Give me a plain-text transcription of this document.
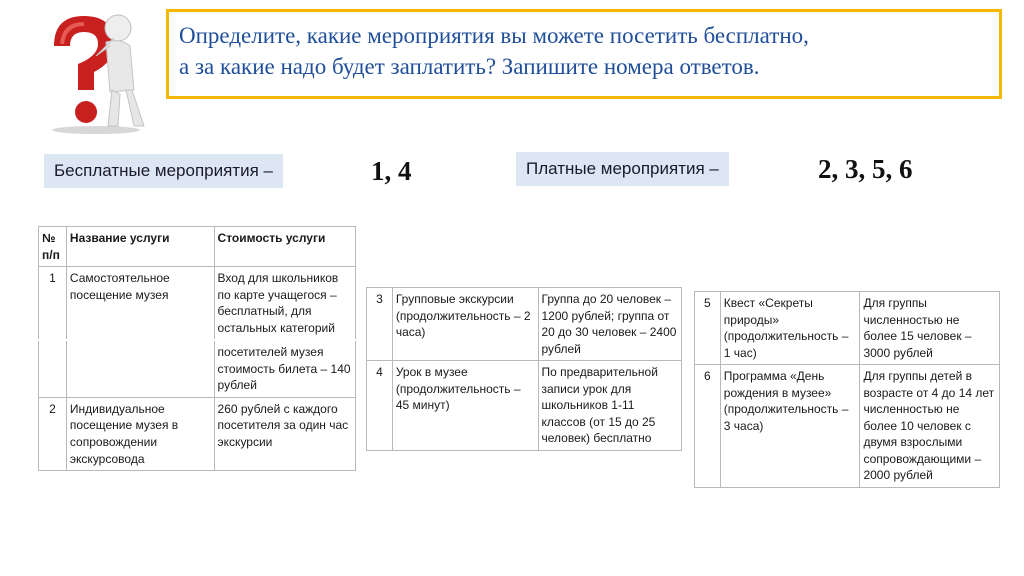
Определите, какие мероприятия вы можете посетить бесплатно,

а за какие надо будет заплатить? Запишите номера ответов.

Бесплатные мероприятия –	1, 4	Платные мероприятия –	2, 3, 5, 6
№ п/п	Название услуги	Стоимость услуги
1	Самостоятельное посещение музея	Вход для школьников по карте учащегося – бесплатный, для остальных категорий
		посетителей музея стоимость билета – 140 рублей
2	Индивидуальное посещение музея в сопровождении экскурсовода	260 рублей с каждого посетителя за один час экскурсии
3	Групповые экскурсии (продолжительность – 2 часа)	Группа до 20 человек – 1200 рублей; группа от 20 до 30 человек – 2400 рублей
4	Урок в музее (продолжительность – 45 минут)	По предварительной записи урок для школьников 1-11 классов (от 15 до 25 человек) бесплатно
5	Квест «Секреты природы» (продолжительность – 1 час)	Для группы численностью не более 15 человек – 3000 рублей
6	Программа «День рождения в музее» (продолжительность – 3 часа)	Для группы детей в возрасте от 4 до 14 лет численностью не более 10 человек с двумя взрослыми сопровождающими – 2000 рублей
